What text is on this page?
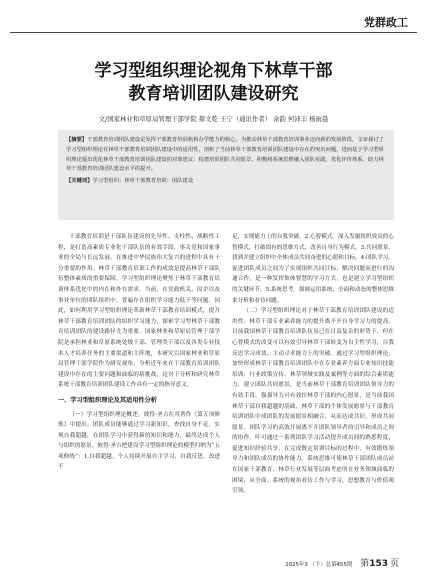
党群政工
学习型组织理论视角下林草干部
教育培训团队建设研究
文/国家林业和草原局管理干部学院 郝文乾 王宁（通讯作者） 余韵 何沛丰 杨雨晨
【摘要】干部教育培训团队建设是发挥干部教育培训机构办学能力的核心，为推动林草干部教育培训事业迈向新的发展阶段，文章探讨了学习型组织理论在林草干部教育培训团队建设中的适用性，剖析了当前林草干部教育培训团队建设中存在的突出问题，进而基于学习型组织理论提出优化林草干部教育培训团队建设的对策建议：构建培训团队共同愿景、积极将系统思维融入团队实践、优化评价体系，助力林草干部教育培训团队建设水平的提升。
【关键词】学习型组织；林草干部教育培训；团队建设

干部教育培训是干部队伍建设的先导性、支柱性、战略性工程，是打造高素质专业化干部队伍的有效手段，事关党和国家事业的全局与长远发展。在推进中华民族伟大复兴的进程中具有十分重要的作用。林草干部教育培训工作的成效是提高林草干部队伍整体素质的重要保障，学习型组织理论聚焦于林草干部教育培训体系优化中的内在和外在需求。当前，在党政机关、国企以及事业单位的团队组织中，普遍存在组织学习能力低下等问题。因此，如何利用学习型组织理论革新林草干部教育培训模式，提升林草干部教育培训团队的组织学习能力，探索学习型林草干部教育培训团队的建设路径尤为重要。国家林业和草原局管理干部学院是承担林业和草原系统处级干部、管理类干部以及各类专业技术人才培养任务的主要渠道和主阵地，本研究以国家林业和草原局管理干部学院作为研究视角，分析近年来在干部教育培训团队建设中存在的主要问题和面临的新挑战，这对于分析和研究林草系统干部教育培训团队建设工作具有一定的指导意义。

一、学习型组织理论及其适用性分析

（一）学习型组织理论概述。彼得·圣吉在其著作《第五项修炼》中提出，团队成员能够通过学习新知识，查找自身不足，实现自我超越，在团队学习中获得新的知识和能力，最终达成个人与组织的愿景。彼得·圣吉把建设学习型组织理论的模型归纳为“五项修炼”：1.自我超越。个人持续开展自主学习、自我反思，改进不

足，实现能力上的自我突破。2.心智模式。深入发掘组织成员的心智模式，打破固有的思维方式，改善自身行为模式。3.共同愿景。找到并建立组织中全体成员共同奋进的心愿和目标。4.团队学习。促进团队成员之间为了实现组织共同目标、解决问题而进行的沟通合作，是一种发挥集体智慧的学习方式，也是建立学习型组织的关键环节。5.系统思考。强调运用系统、全面和动态的整体思维来分析和看待问题。

（二）学习型组织理论对于林草干部教育培训团队建设的适用性。林草干部专业素养能力的提升离不开自身学习力的提高，目前我国林草干部教育培训队伍虽已在日益复杂的形势下，但在心智模式的改变可以有效引导林草干部转变为自主性学习，自我反思学习成效、主动寻求能力上的突破。通过学习型组织理论，加快形成林草干部教育培训团队中在专业素养方面专业知识技能培训、行业政策宣传、林草领域实践及案例等方面的综合素质能力。建立团队共同愿景，是当前林草干部教育培训团队领导力的有效手段。强强导力可有效拉林草干部的内心愿景，是当前我国林草干部自我超越的基础，林草干部的个体发展愿景与干部教育培训团队中成团队的发展愿景相融合，从而达成共识，形成共同愿景。团队学习的高效开展离不开团队领导者的引导和成员之间的协作。叶可通过一系列团队学习活动提升成员间的熟悉程度，促进知识经验共享，在完成既定培训目标的过程中，有效锻炼领导力和团队成员的协作能力。系统思维可使林草干部团队成员站在国家干部教育、林草行业发展等层面考虑所在业务领域面临的困境，从全面、系统的视角看待工作与学习，思想教育与价值观引领。

2025年3 （下）总第455期 第 153 页
